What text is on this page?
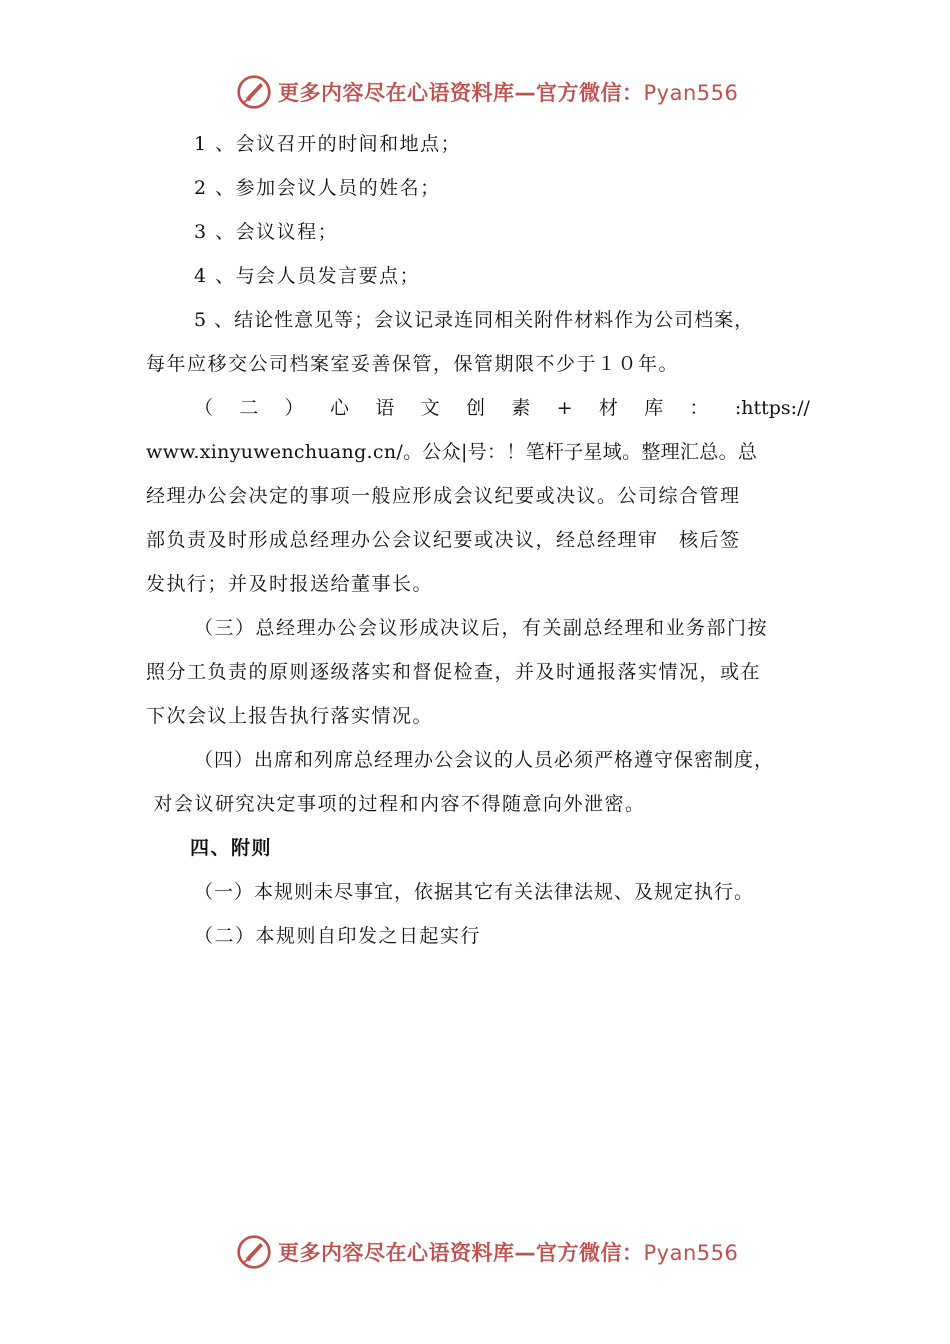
更多内容尽在心语资料库—官方微信：Pyan556

1 、会议召开的时间和地点；

2 、参加会议人员的姓名；

3 、会议议程；

4 、与会人员发言要点；

5 、结论性意见等；会议记录连同相关附件材料作为公司档案，

每年应移交公司档案室妥善保管，保管期限不少于１０年。

（ 二 ） 心 语 文 创 素 + 材 库 ： :https://

www.xinyuwenchuang.cn/。公众|号：！笔杆子星域。整理汇总。总

经理办公会决定的事项一般应形成会议纪要或决议。公司综合管理

部负责及时形成总经理办公会议纪要或决议，经总经理审　核后签

发执行；并及时报送给董事长。

（三）总经理办公会议形成决议后，有关副总经理和业务部门按

照分工负责的原则逐级落实和督促检查，并及时通报落实情况，或在

下次会议上报告执行落实情况。

（四）出席和列席总经理办公会议的人员必须严格遵守保密制度，

对会议研究决定事项的过程和内容不得随意向外泄密。

四、附则

（一）本规则未尽事宜，依据其它有关法律法规、及规定执行。

（二）本规则自印发之日起实行

更多内容尽在心语资料库—官方微信：Pyan556
